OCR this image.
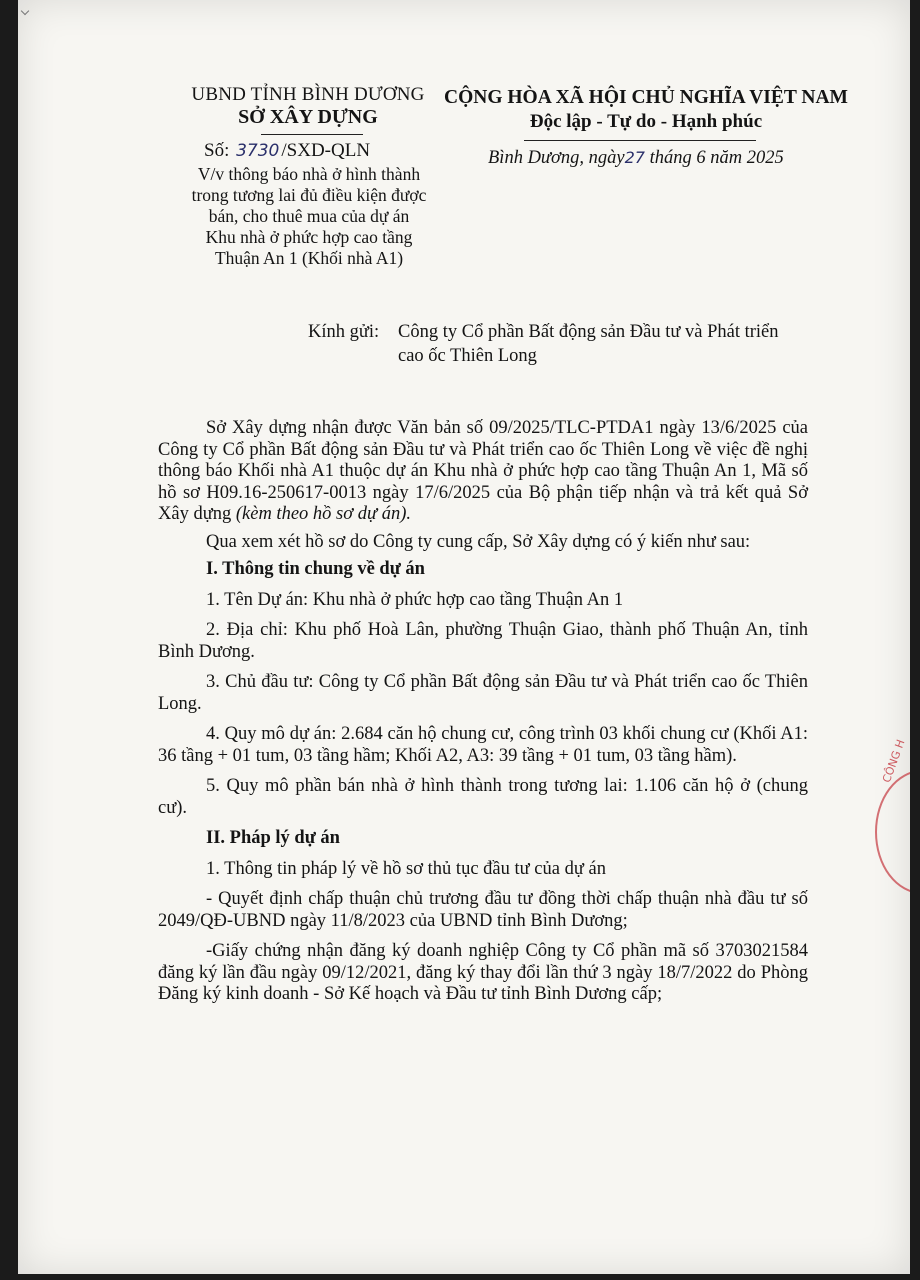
UBND TỈNH BÌNH DƯƠNG
SỞ XÂY DỰNG
Số: 3730 /SXD-QLN
V/v thông báo nhà ở hình thành
trong tương lai đủ điều kiện được
bán, cho thuê mua của dự án
Khu nhà ở phức hợp cao tầng
Thuận An 1 (Khối nhà A1)
CỘNG HÒA XÃ HỘI CHỦ NGHĨA VIỆT NAM
Độc lập - Tự do - Hạnh phúc
Bình Dương, ngày27 tháng 6 năm 2025
Kính gửi: Công ty Cổ phần Bất động sản Đầu tư và Phát triển
cao ốc Thiên Long

Sở Xây dựng nhận được Văn bản số 09/2025/TLC-PTDA1 ngày 13/6/2025 của Công ty Cổ phần Bất động sản Đầu tư và Phát triển cao ốc Thiên Long về việc đề nghị thông báo Khối nhà A1 thuộc dự án Khu nhà ở phức hợp cao tầng Thuận An 1, Mã số hồ sơ H09.16-250617-0013 ngày 17/6/2025 của Bộ phận tiếp nhận và trả kết quả Sở Xây dựng (kèm theo hồ sơ dự án).

Qua xem xét hồ sơ do Công ty cung cấp, Sở Xây dựng có ý kiến như sau:

I. Thông tin chung về dự án

1. Tên Dự án: Khu nhà ở phức hợp cao tầng Thuận An 1

2. Địa chỉ: Khu phố Hoà Lân, phường Thuận Giao, thành phố Thuận An, tỉnh Bình Dương.

3. Chủ đầu tư: Công ty Cổ phần Bất động sản Đầu tư và Phát triển cao ốc Thiên Long.

4. Quy mô dự án: 2.684 căn hộ chung cư, công trình 03 khối chung cư (Khối A1: 36 tầng + 01 tum, 03 tầng hầm; Khối A2, A3: 39 tầng + 01 tum, 03 tầng hầm).

5. Quy mô phần bán nhà ở hình thành trong tương lai: 1.106 căn hộ ở (chung cư).

II. Pháp lý dự án

1. Thông tin pháp lý về hồ sơ thủ tục đầu tư của dự án

- Quyết định chấp thuận chủ trương đầu tư đồng thời chấp thuận nhà đầu tư số 2049/QĐ-UBND ngày 11/8/2023 của UBND tỉnh Bình Dương;

-Giấy chứng nhận đăng ký doanh nghiệp Công ty Cổ phần mã số 3703021584 đăng ký lần đầu ngày 09/12/2021, đăng ký thay đổi lần thứ 3 ngày 18/7/2022 do Phòng Đăng ký kinh doanh - Sở Kế hoạch và Đầu tư tỉnh Bình Dương cấp;

CÔNG H
